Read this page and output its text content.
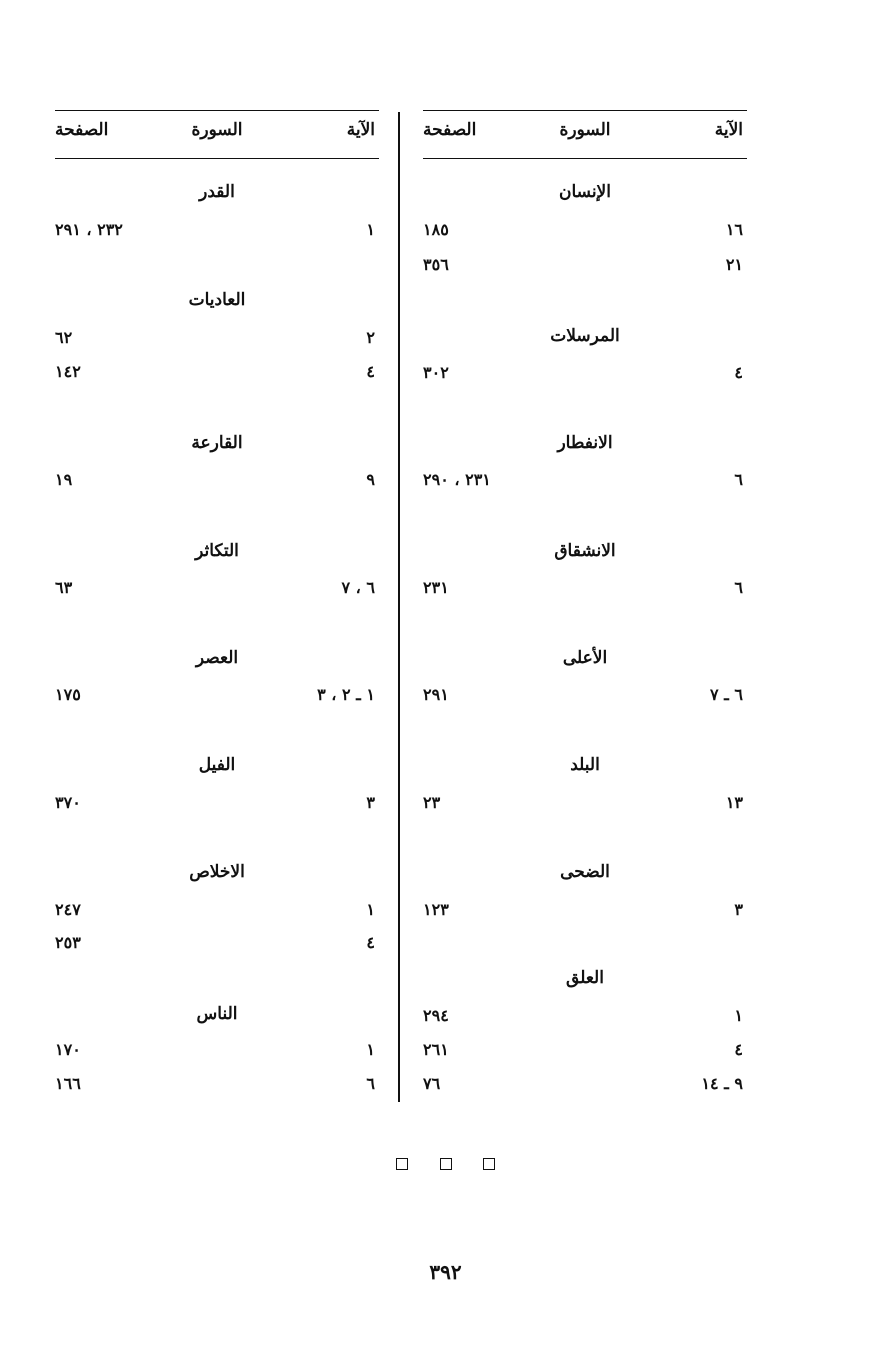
الآية
السورة
الصفحة
الإنسان
١٦
١٨٥
٢١
٣٥٦
المرسلات
٤
٣٠٢
الانفطار
٦
٢٣١ ، ٢٩٠
الانشقاق
٦
٢٣١
الأعلى
٦ ـ ٧
٢٩١
البلد
١٣
٢٣
الضحى
٣
١٢٣
العلق
١
٢٩٤
٤
٢٦١
٩ ـ ١٤
٧٦
الآية
السورة
الصفحة
القدر
١
٢٣٢ ، ٢٩١
العاديات
٢
٦٢
٤
١٤٢
القارعة
٩
١٩
التكاثر
٦ ، ٧
٦٣
العصر
١ ـ ٢ ، ٣
١٧٥
الفيل
٣
٣٧٠
الاخلاص
١
٢٤٧
٤
٢٥٣
الناس
١
١٧٠
٦
١٦٦

٣٩٢
